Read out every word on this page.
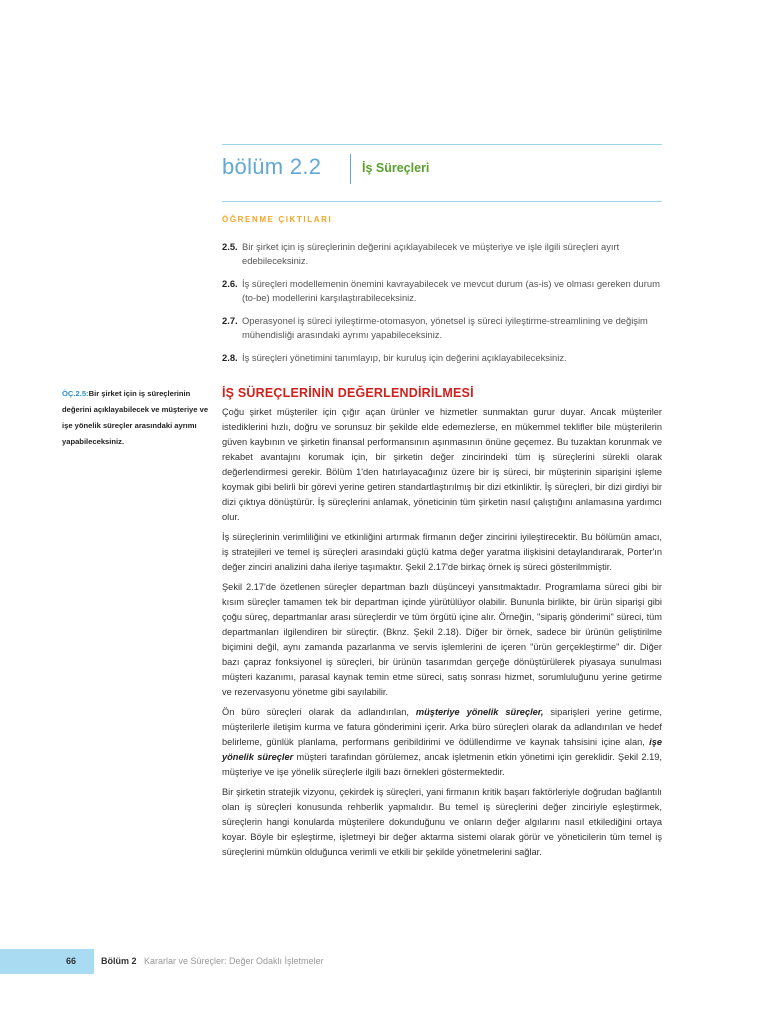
bölüm 2.2	İş Süreçleri
ÖĞRENME ÇIKTILARI
2.5. Bir şirket için iş süreçlerinin değerini açıklayabilecek ve müşteriye ve işle ilgili süreçleri ayırt edebileceksiniz.
2.6. İş süreçleri modellemenin önemini kavrayabilecek ve mevcut durum (as-is) ve olması gereken durum (to-be) modellerini karşılaştırabileceksiniz.
2.7. Operasyonel iş süreci iyileştirme-otomasyon, yönetsel iş süreci iyileştirme-streamlining ve değişim mühendisliği arasındaki ayrımı yapabileceksiniz.
2.8. İş süreçleri yönetimini tanımlayıp, bir kuruluş için değerini açıklayabileceksiniz.
ÖÇ.2.5:Bir şirket için iş süreçlerinin değerini açıklayabilecek ve müşteriye ve işe yönelik süreçler arasındaki ayrımı yapabileceksiniz.
İŞ SÜREÇLERİNİN DEĞERLENDİRİLMESİ

Çoğu şirket müşteriler için çığır açan ürünler ve hizmetler sunmaktan gurur duyar. Ancak müşteriler istediklerini hızlı, doğru ve sorunsuz bir şekilde elde edemezlerse, en mükemmel teklifler bile müşterilerin güven kaybının ve şirketin finansal performansının aşınmasının önüne geçemez. Bu tuzaktan korunmak ve rekabet avantajını korumak için, bir şirketin değer zincirindeki tüm iş süreçlerini sürekli olarak değerlendirmesi gerekir. Bölüm 1'den hatırlayacağınız üzere bir iş süreci, bir müşterinin siparişini işleme koymak gibi belirli bir görevi yerine getiren standartlaştırılmış bir dizi etkinliktir. İş süreçleri, bir dizi girdiyi bir dizi çıktıya dönüştürür. İş süreçlerini anlamak, yöneticinin tüm şirketin nasıl çalıştığını anlamasına yardımcı olur.

İş süreçlerinin verimliliğini ve etkinliğini artırmak firmanın değer zincirini iyileştirecektir. Bu bölümün amacı, iş stratejileri ve temel iş süreçleri arasındaki güçlü katma değer yaratma ilişkisini detaylandırarak, Porter'ın değer zinciri analizini daha ileriye taşımaktır. Şekil 2.17'de birkaç örnek iş süreci gösterilmmiştir.

Şekil 2.17'de özetlenen süreçler departman bazlı düşünceyi yansıtmaktadır. Programlama süreci gibi bir kısım süreçler tamamen tek bir departman içinde yürütülüyor olabilir. Bununla birlikte, bir ürün siparişi gibi çoğu süreç, departmanlar arası süreçlerdir ve tüm örgütü içine alır. Örneğin, "sipariş gönderimi" süreci, tüm departmanları ilgilendiren bir süreçtir. (Bknz. Şekil 2.18). Diğer bir örnek, sadece bir ürünün geliştirilme biçimini değil, aynı zamanda pazarlanma ve servis işlemlerini de içeren "ürün gerçekleştirme" dir. Diğer bazı çapraz fonksiyonel iş süreçleri, bir ürünün tasarımdan gerçeğe dönüştürülerek piyasaya sunulması müşteri kazanımı, parasal kaynak temin etme süreci, satış sonrası hizmet, sorumluluğunu yerine getirme ve rezervasyonu yönetme gibi sayılabilir.

Ön büro süreçleri olarak da adlandırılan, müşteriye yönelik süreçler, siparişleri yerine getirme, müşterilerle iletişim kurma ve fatura gönderimini içerir. Arka büro süreçleri olarak da adlandırılan ve hedef belirleme, günlük planlama, performans geribildirimi ve ödüllendirme ve kaynak tahsisini içine alan, işe yönelik süreçler müşteri tarafından görülemez, ancak işletmenin etkin yönetimi için gereklidir. Şekil 2.19, müşteriye ve işe yönelik süreçlerle ilgili bazı örnekleri göstermektedir.

Bir şirketin stratejik vizyonu, çekirdek iş süreçleri, yani firmanın kritik başarı faktörleriyle doğrudan bağlantılı olan iş süreçleri konusunda rehberlik yapmalıdır. Bu temel iş süreçlerini değer zinciriyle eşleştirmek, süreçlerin hangi konularda müşterilere dokunduğunu ve onların değer algılarını nasıl etkilediğini ortaya koyar. Böyle bir eşleştirme, işletmeyi bir değer aktarma sistemi olarak görür ve yöneticilerin tüm temel iş süreçlerini mümkün olduğunca verimli ve etkili bir şekilde yönetmelerini sağlar.

66	Bölüm 2 Kararlar ve Süreçler: Değer Odaklı İşletmeler
